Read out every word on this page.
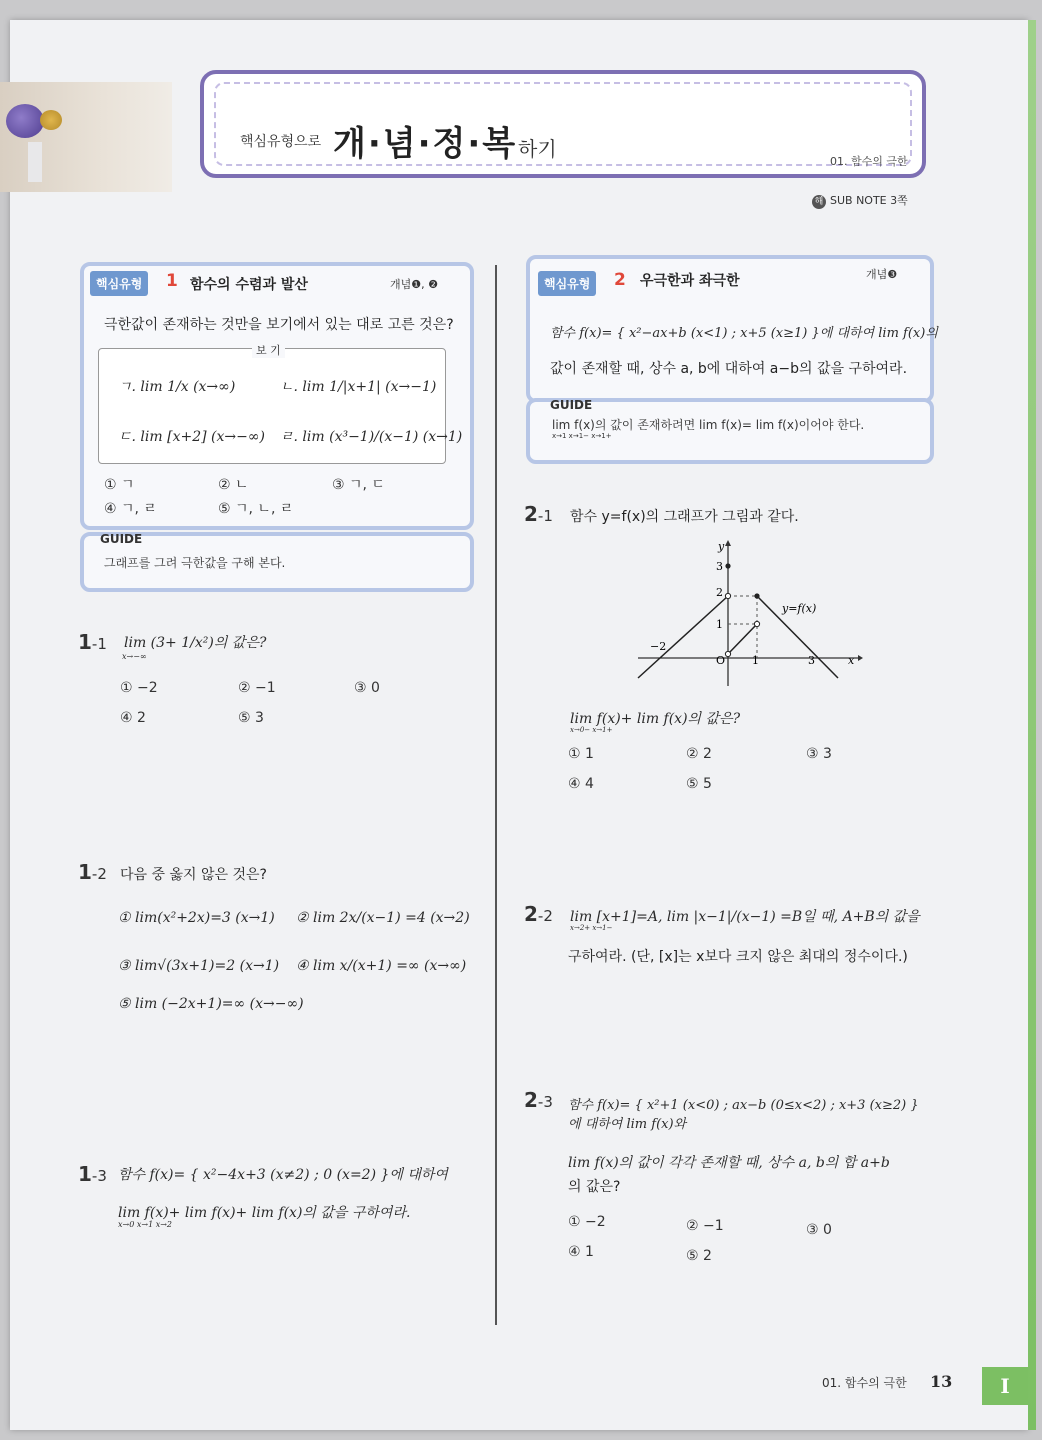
핵심유형으로 개·념·정·복 하기
01. 함수의 극한
해 SUB NOTE 3쪽
핵심유형	1 함수의 수렴과 발산	개념❶, ❷
극한값이 존재하는 것만을 보기에서 있는 대로 고른 것은?
보 기
ㄱ. lim 1/x (x→∞)	ㄴ. lim 1/|x+1| (x→−1)
ㄷ. lim [x+2] (x→−∞) ㄹ. lim (x³−1)/(x−1) (x→1)
① ㄱ	② ㄴ	③ ㄱ, ㄷ
④ ㄱ, ㄹ	⑤ ㄱ, ㄴ, ㄹ
GUIDE
그래프를 그려 극한값을 구해 본다.
1-1 lim (3+ 1/x²)의 값은?
x→−∞
① −2	② −1	③ 0
④ 2	⑤ 3
1-2 다음 중 옳지 않은 것은?
① lim(x²+2x)=3 (x→1) ② lim 2x/(x−1) =4 (x→2)
③ lim√(3x+1)=2 (x→1) ④ lim x/(x+1) =∞ (x→∞)
⑤ lim (−2x+1)=∞ (x→−∞)
1-3 함수 f(x)= { x²−4x+3 (x≠2) ; 0 (x=2) }에 대하여
lim f(x)+ lim f(x)+ lim f(x)의 값을 구하여라.
x→0 x→1 x→2
핵심유형	2 우극한과 좌극한	개념❸
함수 f(x)= { x²−ax+b (x<1) ; x+5 (x≥1) }에 대하여 lim f(x)의
값이 존재할 때, 상수 a, b에 대하여 a−b의 값을 구하여라.
GUIDE
lim f(x)의 값이 존재하려면 lim f(x)= lim f(x)이어야 한다.
x→1 x→1− x→1+
2-1 함수 y=f(x)의 그래프가 그림과 같다.
y
x
O
y=f(x)
−2
1	3
3
2
1
lim f(x)+ lim f(x)의 값은?
x→0− x→1+
① 1	② 2	③ 3
④ 4	⑤ 5
2-2 lim [x+1]=A, lim |x−1|/(x−1) =B일 때, A+B의 값을
x→2+ x→1−
구하여라. (단, [x]는 x보다 크지 않은 최대의 정수이다.)
2-3 함수 f(x)= { x²+1 (x<0) ; ax−b (0≤x<2) ; x+3 (x≥2) }에 대하여 lim f(x)와
lim f(x)의 값이 각각 존재할 때, 상수 a, b의 합 a+b
의 값은?
① −2	② −1	③ 0
④ 1	⑤ 2
01. 함수의 극한 13	I
